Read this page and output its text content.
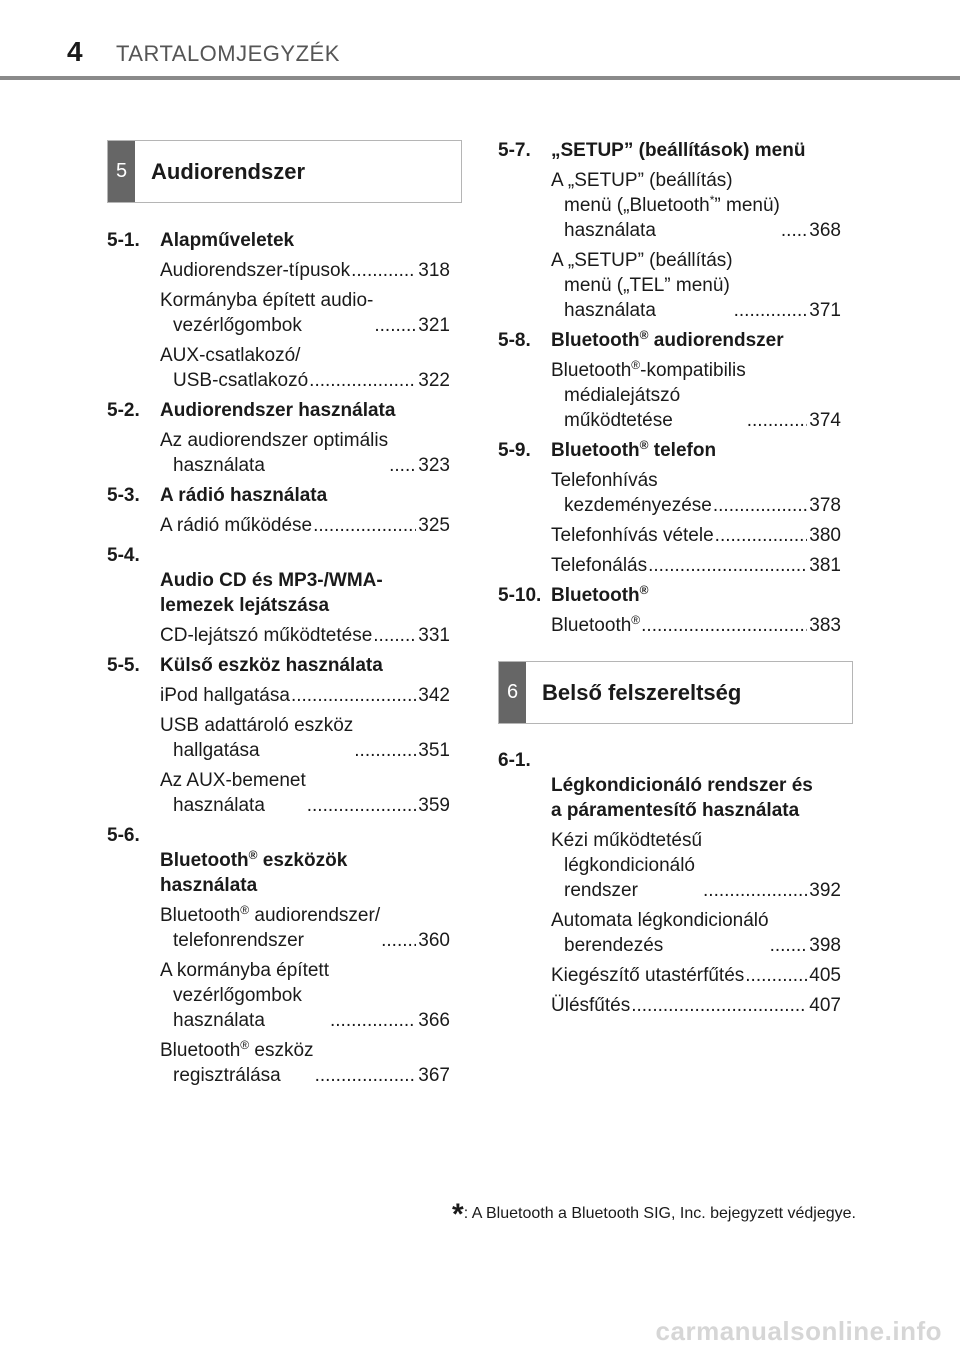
4 TARTALOMJEGYZÉK
5	Audiorendszer
5-1. Alapműveletek
Audiorendszer-típusok .....	318
Kormányba épített audio-
vezérlőgombok .....	321
AUX-csatlakozó/
USB-csatlakozó .....	322
5-2. Audiorendszer használata
Az audiorendszer optimális
használata .....	323
5-3. A rádió használata
A rádió működése .....	325

5-4.
Audio CD és MP3-/WMA-
lemezek lejátszása

CD-lejátszó működtetése ..... 331
5-5. Külső eszköz használata
iPod hallgatása .....	342
USB adattároló eszköz
hallgatása .....	351
Az AUX-bemenet
használata .....	359

5-6.
Bluetooth® eszközök
használata

Bluetooth® audiorendszer/
telefonrendszer .....	360
A kormányba épített
vezérlőgombok
használata .....	366
Bluetooth® eszköz
regisztrálása .....	367
5-7. „SETUP” (beállítások) menü
A „SETUP” (beállítás)
menü („Bluetooth*” menü)
használata .....	368
A „SETUP” (beállítás)
menü („TEL” menü)
használata .....	371
5-8. Bluetooth® audiorendszer
Bluetooth®-kompatibilis
médialejátszó
működtetése .....	374
5-9. Bluetooth® telefon
Telefonhívás
kezdeményezése .....	378
Telefonhívás vétele .....	380
Telefonálás .....	381
5-10. Bluetooth®
Bluetooth® .....	383
6	Belső felszereltség

6-1.
Légkondicionáló rendszer és
a páramentesítő használata

Kézi működtetésű
légkondicionáló
rendszer .....	392
Automata légkondicionáló
berendezés .....	398
Kiegészítő utastérfűtés .....	405
Ülésfűtés .....	407
*: A Bluetooth a Bluetooth SIG, Inc. bejegyzett védjegye.
carmanualsonline.info
